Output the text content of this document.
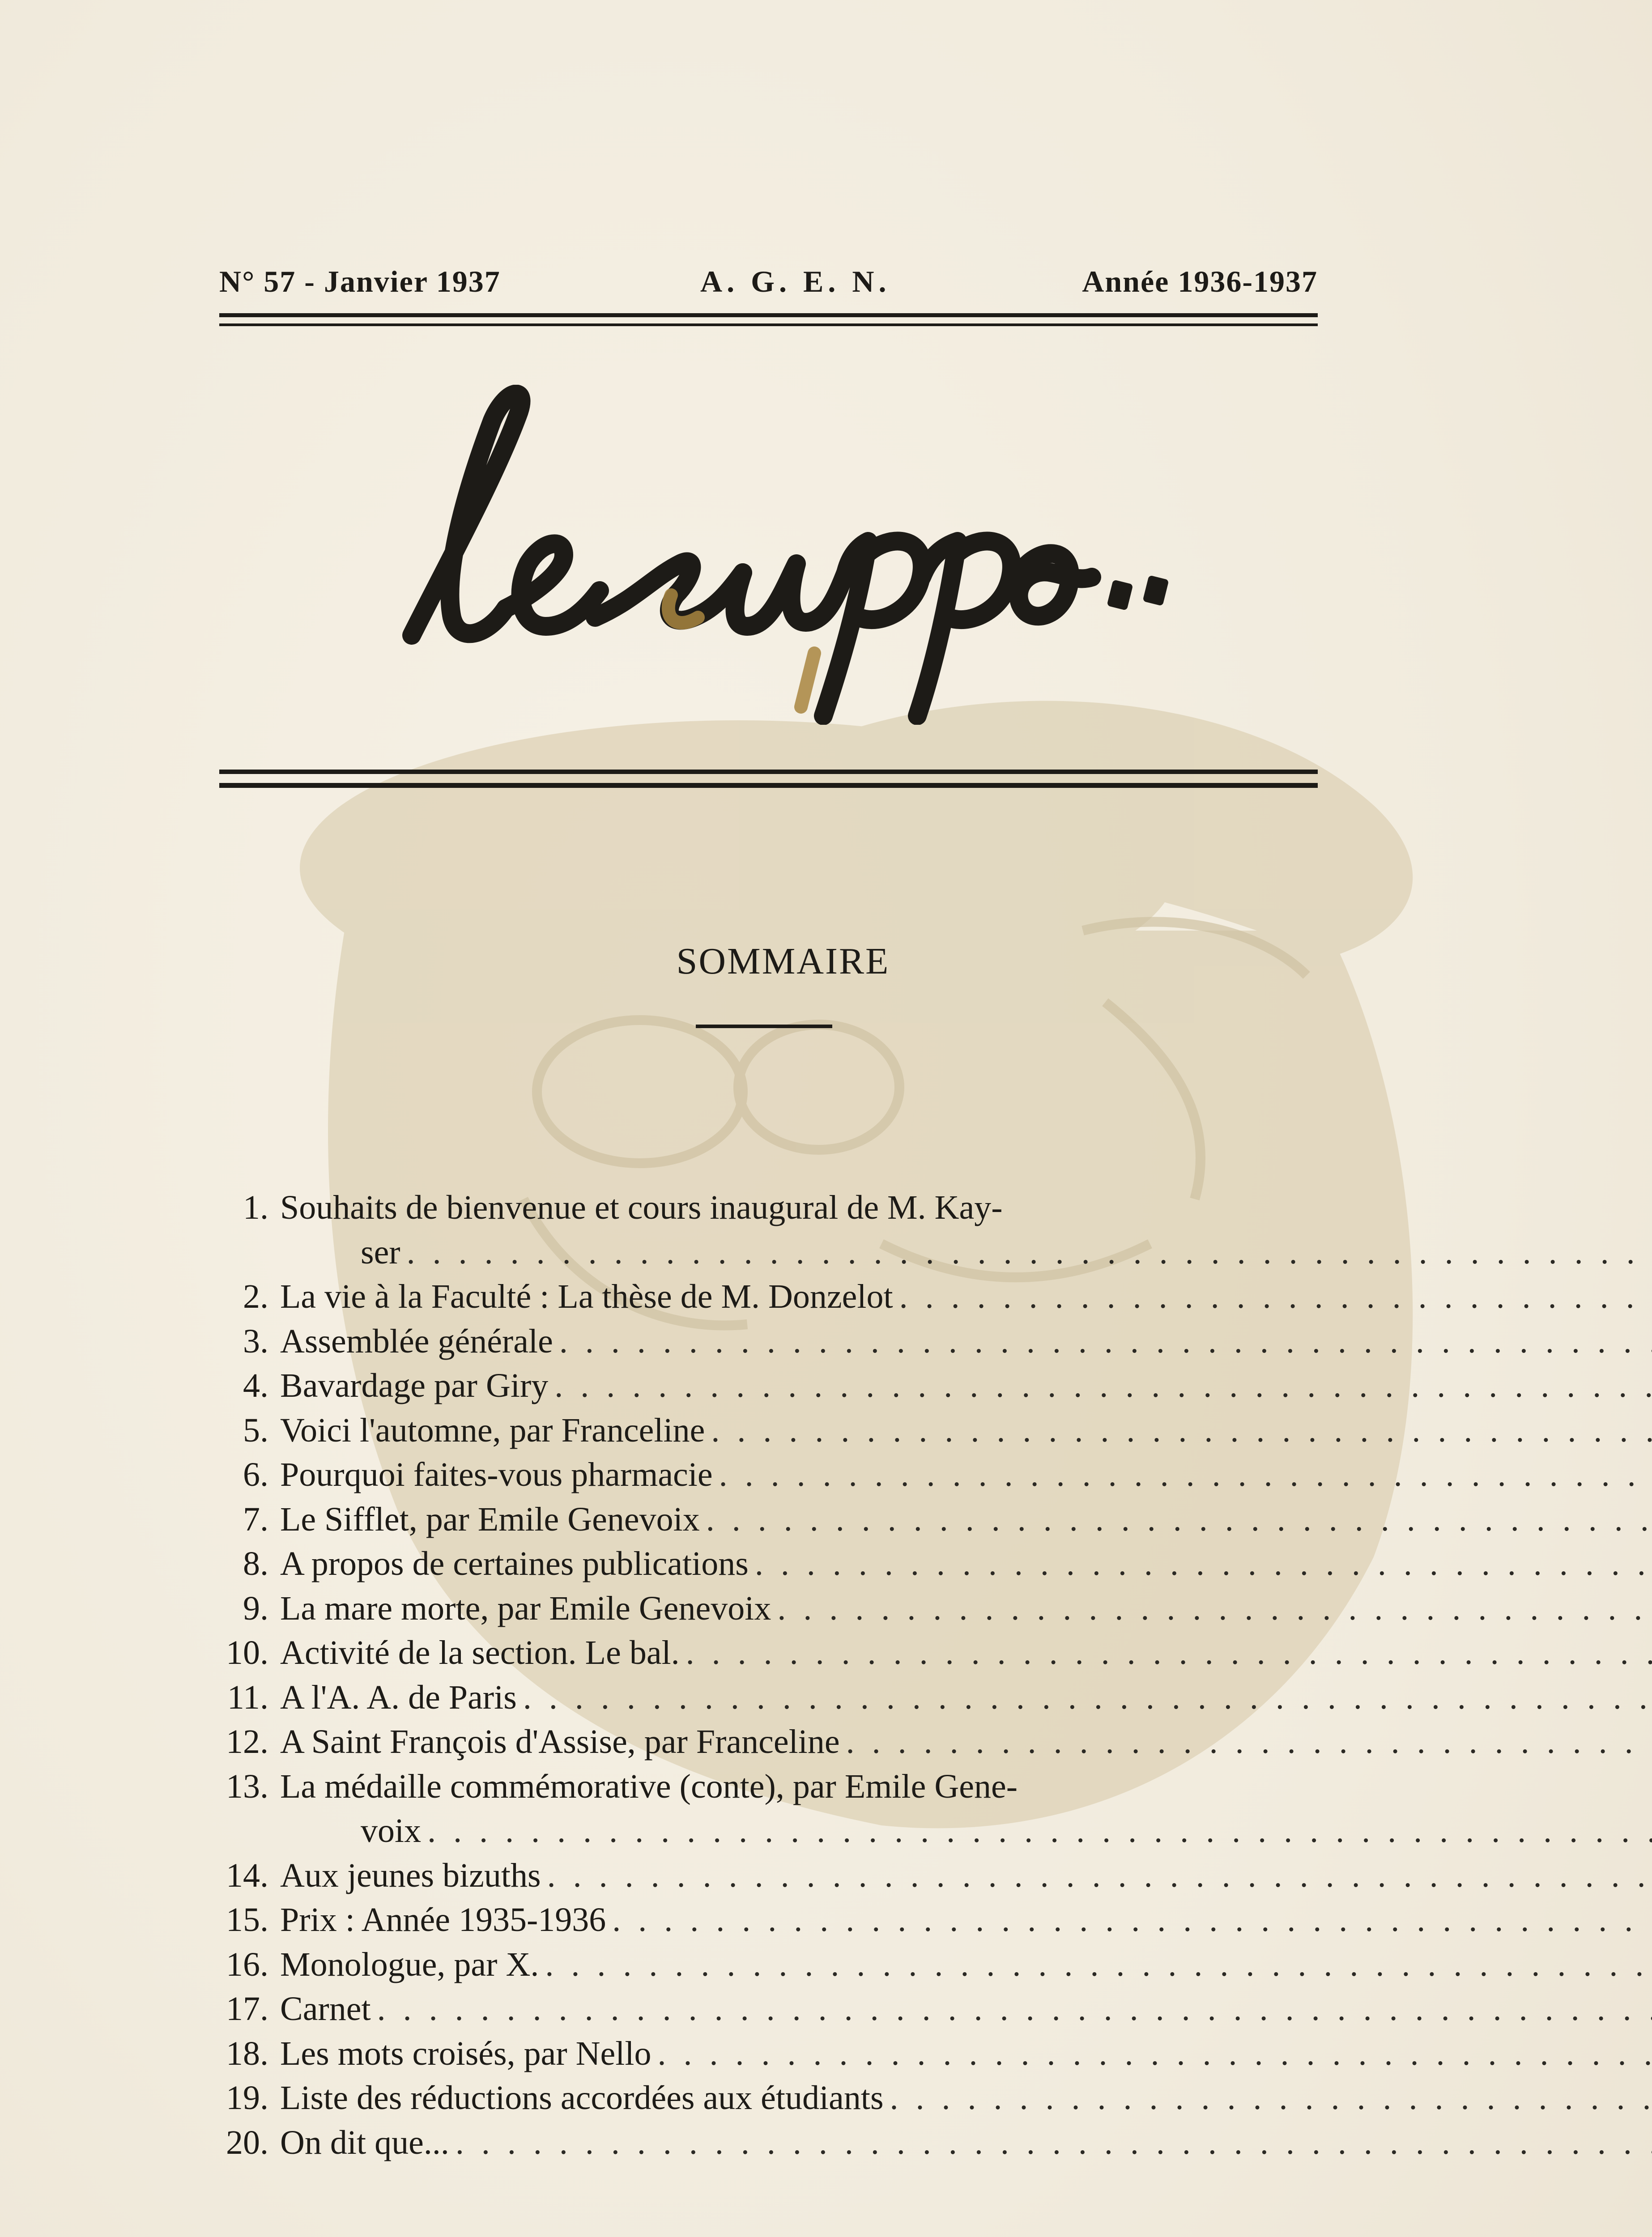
N° 57 - Janvier 1937	A. G. E. N.	Année 1936-1937
SOMMAIRE
1. Souhaits de bienvenue et cours inaugural de M. Kay-
ser
. . .
2. La vie à la Faculté : La thèse de M. Donzelot
. . .
3. Assemblée générale
. . .
4. Bavardage par Giry
. . .
5. Voici l'automne, par Franceline
. . .
6. Pourquoi faites-vous pharmacie
. . .
7. Le Sifflet, par Emile Genevoix
. . .
8. A propos de certaines publications
. . .
9. La mare morte, par Emile Genevoix
. . .
10. Activité de la section. Le bal.
. . .
11. A l'A. A. de Paris
. . .
12. A Saint François d'Assise, par Franceline
. . .
13. La médaille commémorative (conte), par Emile Gene-
voix
. . .
14. Aux jeunes bizuths
. . .
15. Prix : Année 1935-1936
. . .
16. Monologue, par X.
. . .
17. Carnet
. . .
18. Les mots croisés, par Nello
. . .
19. Liste des réductions accordées aux étudiants
. . .
20. On dit que...
. . .
